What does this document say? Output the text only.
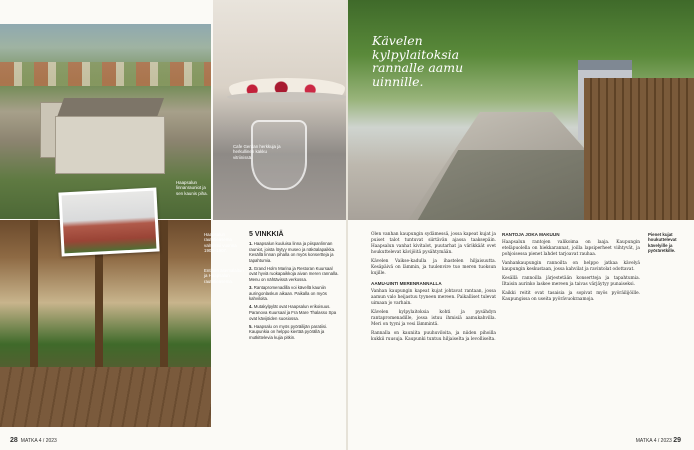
Haapsalun linnanrauniot ja sen kaunis piha.
Cafe Gerdan herkkuja ja herkullinen kakku vitriinissä.
Kävelen kylpylaitoksia rannalle aamu uinnille.
Haapsalun rautatieasema valmistui vuonna 1905–1907.
Entinen asemalaituri ja Haapsalun rautatieasema.
5 VINKKIÄ
1. Haapsalun kuuluisa linna ja piispanlinnan rauniot, joista löytyy museo ja näköalapaikka. Kesällä linnan pihalla on myös konsertteja ja tapahtumia.
2. Grand Holm Marina ja Restoran Kuursaal ovat hyviä ruokapaikkoja aivan meren rannalla. Menu on nähtävissä verkossa.
3. Rantapromenadilla voi kävellä kauniin auringonlaskun aikaan. Paikalla on myös kahviloita.
4. Mutakylpylät ovat Haapsalun erikoisuus. Paranova Kuursaal ja Fra Mare Thalasso Spa ovat kävijöiden suosiossa.
5. Haapsalu on myös pyöräilijän paratiisi. Kaupunkia on helppo kiertää pyörällä ja mutkittelevia kujia pitkin.

Olen vanhan kaupungin sydämessä, jossa kapeat kujat ja puiset talot tuntuvat siirtävän ajassa taaksepäin. Haapsalun vanhat kivitalot, puutarhat ja värikkäät ovet houkuttelevat kävijöitä pysähtymään.

Kävelen Vaikse-kadulla ja ihastelen hiljaisuutta. Kesäpäivä on lämmin, ja tuulenvire tuo meren tuoksun kujille.

AAMU-UINTI MERENRANNALLA

Vanhan kaupungin kapeat kujat johtavat rantaan, jossa aamun valo heijastuu tyyneen mereen. Paikalliset tulevat uimaan jo varhain.

Kävelen kylpylaitoksia kohti ja pysähdyn rantapromenadille, jossa istuu ihmisiä aamukahvilla. Meri on tyyni ja vesi lämmintä.

Rannalla on kauniita puuhuviloita, ja niiden pihoilla kukkii ruusuja. Kaupunki tuntuu hiljaiselta ja levolliselta.

RANTOJA JOKA MAKUUN

Haapsalun rantojen valikoima on laaja. Kaupungin eteläpuolella on hiekkarannat, joilla lapsiperheet viihtyvät, ja pohjoisessa pienet lahdet tarjoavat rauhaa.

Vanhankaupungin rannoilta on helppo jatkaa kävelyä kaupungin keskustaan, jossa kahvilat ja ravintolat odottavat.

Kesällä rannoilla järjestetään konsertteja ja tapahtumia. Iltaisin aurinko laskee mereen ja taivas värjäytyy punaiseksi.

Kaikki reitit ovat tasaisia ja sopivat myös pyöräilijöille. Kaupungissa on useita pyörävuokraamoja.

Pienet kujat houkuttelevat kävelyille ja pyöräretkille.
28 MATKA 4 / 2023	MATKA 4 / 2023 29
